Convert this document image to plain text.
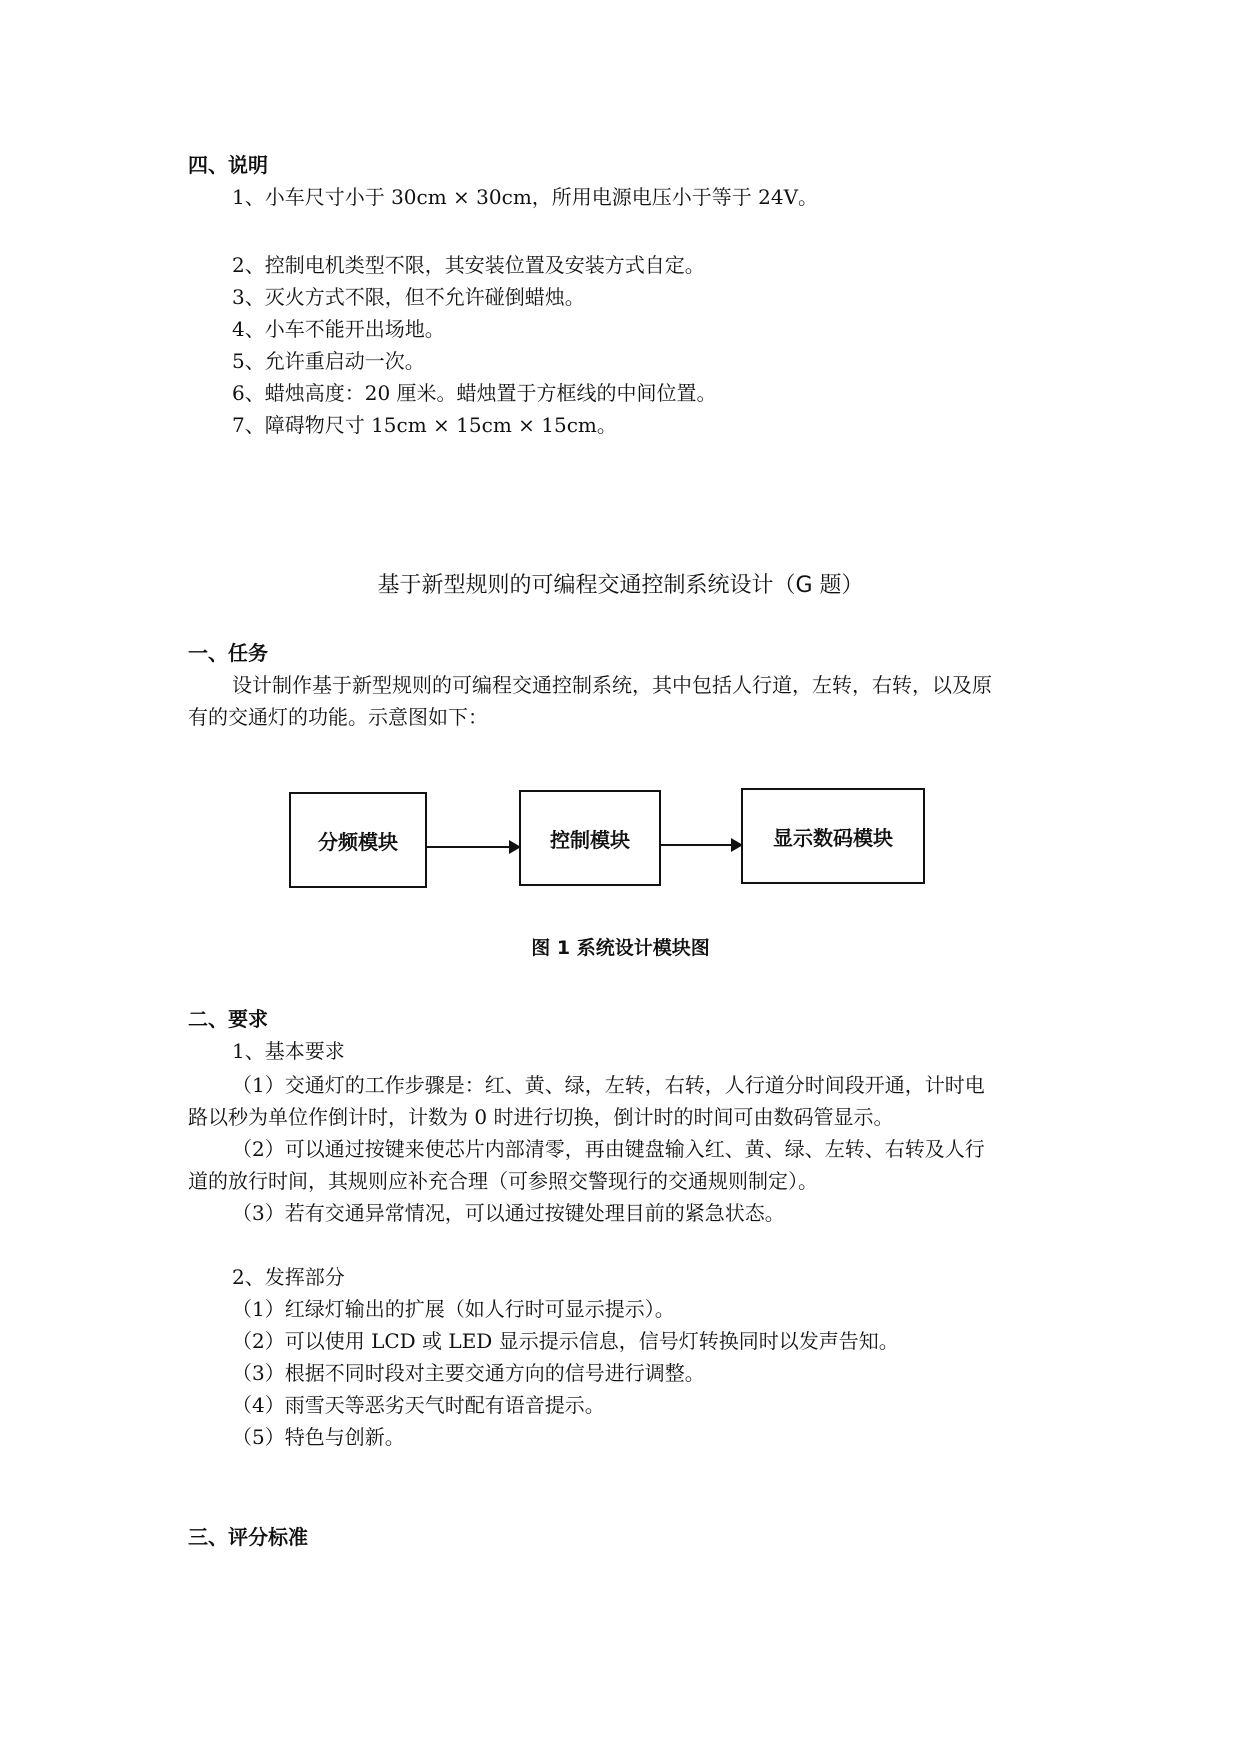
四、说明
1、小车尺寸小于 30cm × 30cm，所用电源电压小于等于 24V。
2、控制电机类型不限，其安装位置及安装方式自定。
3、灭火方式不限，但不允许碰倒蜡烛。
4、小车不能开出场地。
5、允许重启动一次。
6、蜡烛高度：20 厘米。蜡烛置于方框线的中间位置。
7、障碍物尺寸 15cm × 15cm × 15cm。
基于新型规则的可编程交通控制系统设计（G 题）
一、任务
设计制作基于新型规则的可编程交通控制系统，其中包括人行道，左转，右转，以及原
有的交通灯的功能。示意图如下：
分频模块	控制模块	显示数码模块
图 1 系统设计模块图
二、要求
1、基本要求
（1）交通灯的工作步骤是：红、黄、绿，左转，右转，人行道分时间段开通，计时电
路以秒为单位作倒计时，计数为 0 时进行切换，倒计时的时间可由数码管显示。
（2）可以通过按键来使芯片内部清零，再由键盘输入红、黄、绿、左转、右转及人行
道的放行时间，其规则应补充合理（可参照交警现行的交通规则制定）。
（3）若有交通异常情况，可以通过按键处理目前的紧急状态。
2、发挥部分
（1）红绿灯输出的扩展（如人行时可显示提示）。
（2）可以使用 LCD 或 LED 显示提示信息，信号灯转换同时以发声告知。
（3）根据不同时段对主要交通方向的信号进行调整。
（4）雨雪天等恶劣天气时配有语音提示。
（5）特色与创新。
三、评分标准
